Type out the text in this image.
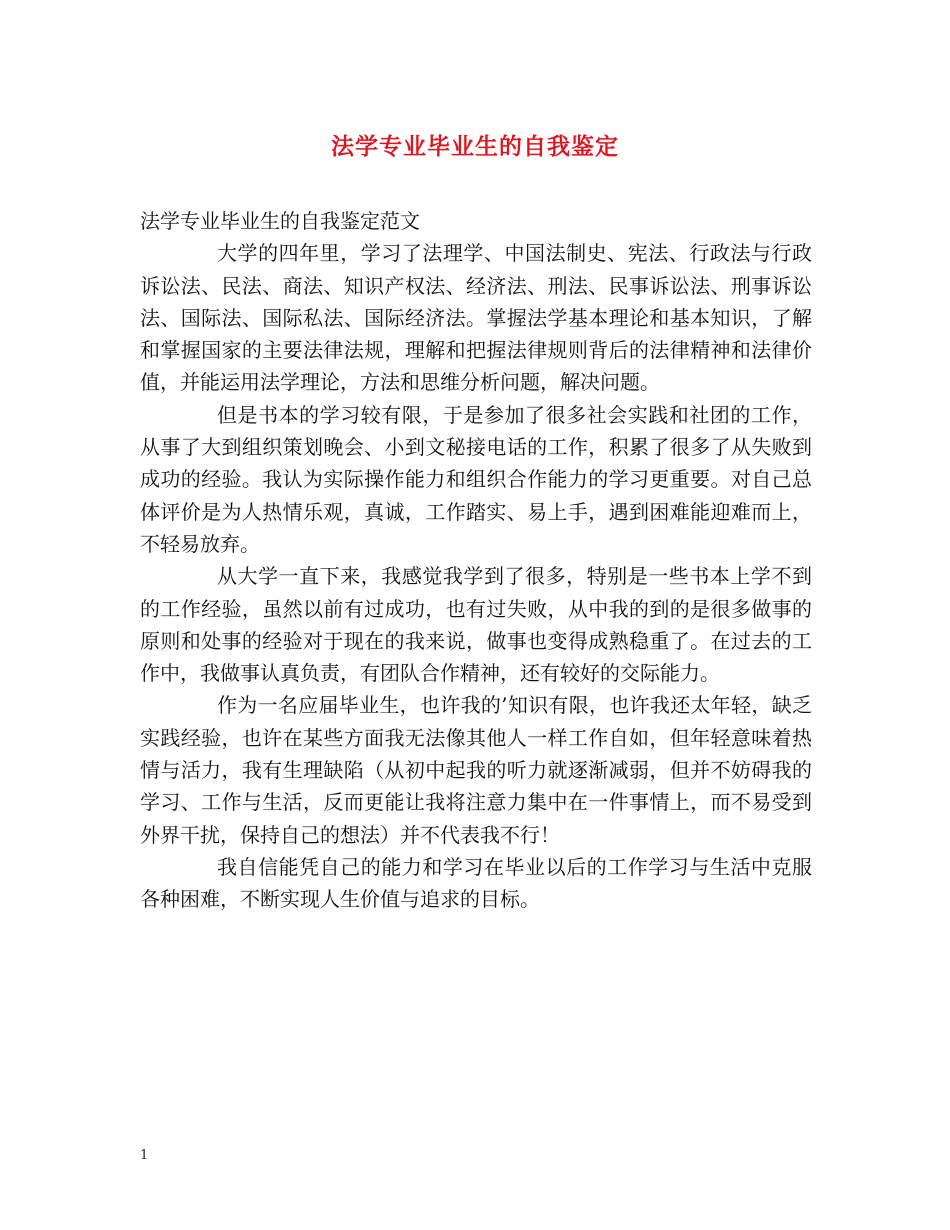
法学专业毕业生的自我鉴定

法学专业毕业生的自我鉴定范文

大学的四年里，学习了法理学、中国法制史、宪法、行政法与行政诉讼法、民法、商法、知识产权法、经济法、刑法、民事诉讼法、刑事诉讼法、国际法、国际私法、国际经济法。掌握法学基本理论和基本知识，了解和掌握国家的主要法律法规，理解和把握法律规则背后的法律精神和法律价值，并能运用法学理论，方法和思维分析问题，解决问题。

但是书本的学习较有限，于是参加了很多社会实践和社团的工作，从事了大到组织策划晚会、小到文秘接电话的工作，积累了很多了从失败到成功的经验。我认为实际操作能力和组织合作能力的学习更重要。对自己总体评价是为人热情乐观，真诚，工作踏实、易上手，遇到困难能迎难而上，不轻易放弃。

从大学一直下来，我感觉我学到了很多，特别是一些书本上学不到的工作经验，虽然以前有过成功，也有过失败，从中我的到的是很多做事的原则和处事的经验对于现在的我来说，做事也变得成熟稳重了。在过去的工作中，我做事认真负责，有团队合作精神，还有较好的交际能力。

作为一名应届毕业生，也许我的’知识有限，也许我还太年轻，缺乏实践经验，也许在某些方面我无法像其他人一样工作自如，但年轻意味着热情与活力，我有生理缺陷（从初中起我的听力就逐渐减弱，但并不妨碍我的学习、工作与生活，反而更能让我将注意力集中在一件事情上，而不易受到外界干扰，保持自己的想法）并不代表我不行！

我自信能凭自己的能力和学习在毕业以后的工作学习与生活中克服各种困难，不断实现人生价值与追求的目标。

1
